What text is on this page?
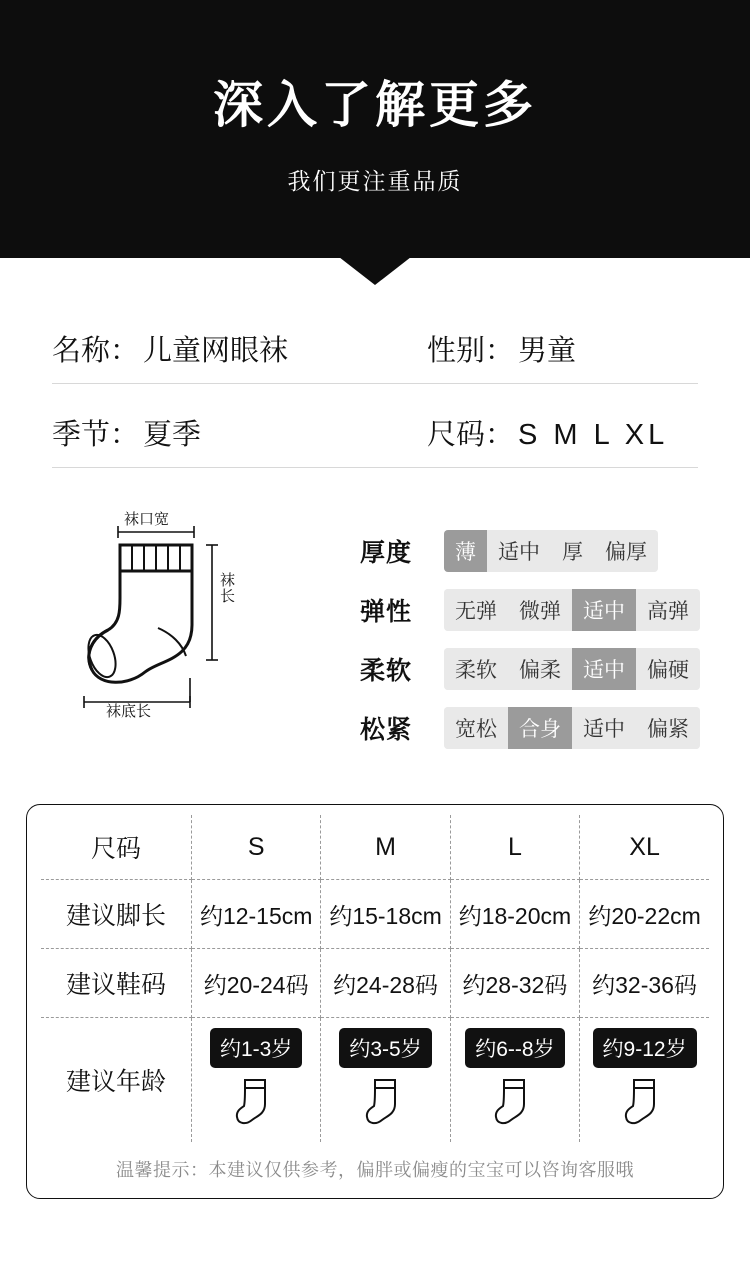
深入了解更多
我们更注重品质
名称： 儿童网眼袜	性别： 男童
季节： 夏季	尺码： S M L XL
袜口宽
袜长
袜底长
厚度	薄	适中	厚	偏厚
弹性	无弹	微弹	适中	高弹
柔软	柔软	偏柔	适中	偏硬
松紧	宽松	合身	适中	偏紧
尺码	S	M	L	XL
建议脚长	约12-15cm	约15-18cm	约18-20cm	约20-22cm
建议鞋码	约20-24码	约24-28码	约28-32码	约32-36码
建议年龄	约1-3岁	约3-5岁	约6--8岁	约9-12岁
温馨提示：本建议仅供参考，偏胖或偏瘦的宝宝可以咨询客服哦
